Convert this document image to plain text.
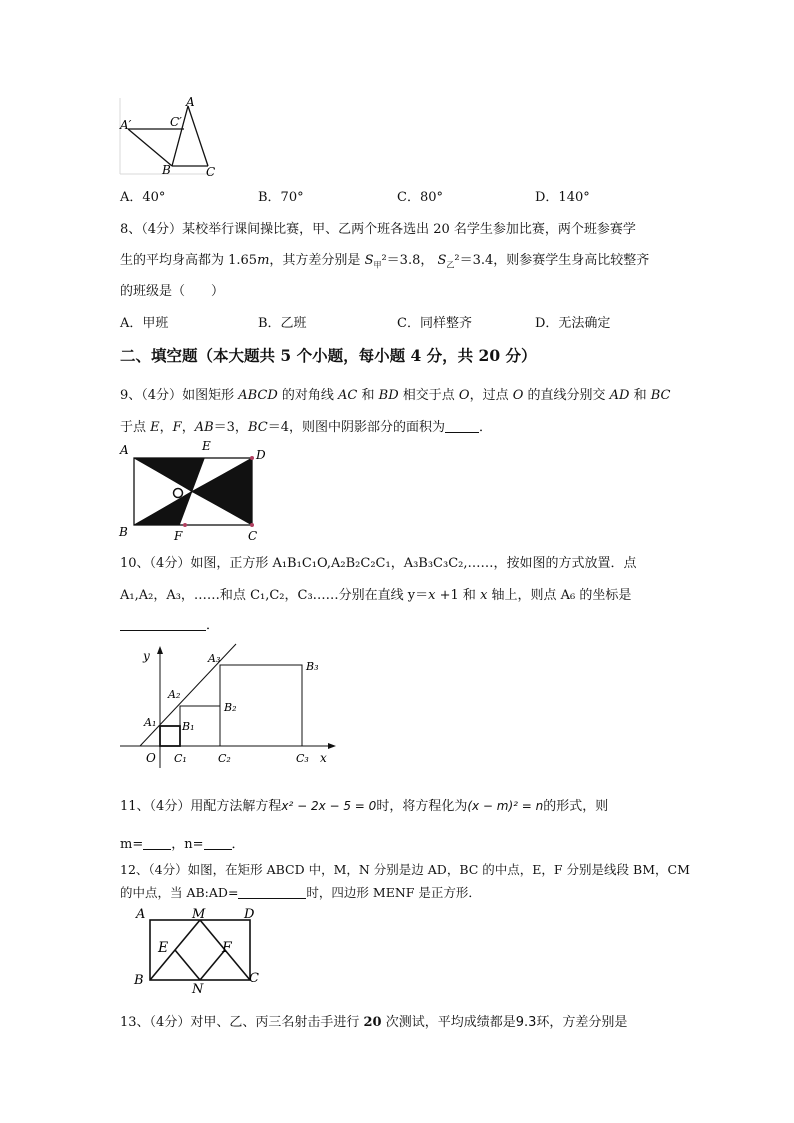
A
A′	C′
B	C
A．40°	B．70°	C．80°	D．140°
8、（4分）某校举行课间操比赛，甲、乙两个班各选出 20 名学生参加比赛，两个班参赛学
生的平均身高都为 1.65m，其方差分别是 $S_甲^2=3.8$， $S_乙^2=3.4$，则参赛学生身高比较整齐
的班级是（　　）
A．甲班	B．乙班	C．同样整齐	D．无法确定
二、填空题（本大题共 5 个小题，每小题 4 分，共 20 分）
9、（4分）如图矩形 ABCD 的对角线 AC 和 BD 相交于点 O，过点 O 的直线分别交 AD 和 BC
于点 E，F，AB＝3，BC＝4，则图中阴影部分的面积为	．
A	E
D
B	F	C
10、（4分）如图，正方形 A₁B₁C₁O,A₂B₂C₂C₁，A₃B₃C₃C₂,……，按如图的方式放置．点
A₁,A₂，A₃，……和点 C₁,C₂，C₃……分别在直线 y＝x +1 和 x 轴上，则点 A₆ 的坐标是
．
y
x
O
A₁
A₂
A₃
B₁
B₂
B₃
C₁	C₂	C₃
11、（4分）用配方法解方程x² − 2x − 5 = 0时，将方程化为(x − m)² = n的形式，则
m= ，n= ．
12、（4分）如图，在矩形 ABCD 中，M，N 分别是边 AD，BC 的中点，E，F 分别是线段 BM，CM
的中点，当 AB:AD=	时，四边形 MENF 是正方形．
A	M	D
E	F
B
N
C
13、（4分）对甲、乙、丙三名射击手进行 20 次测试，平均成绩都是9.3环，方差分别是
